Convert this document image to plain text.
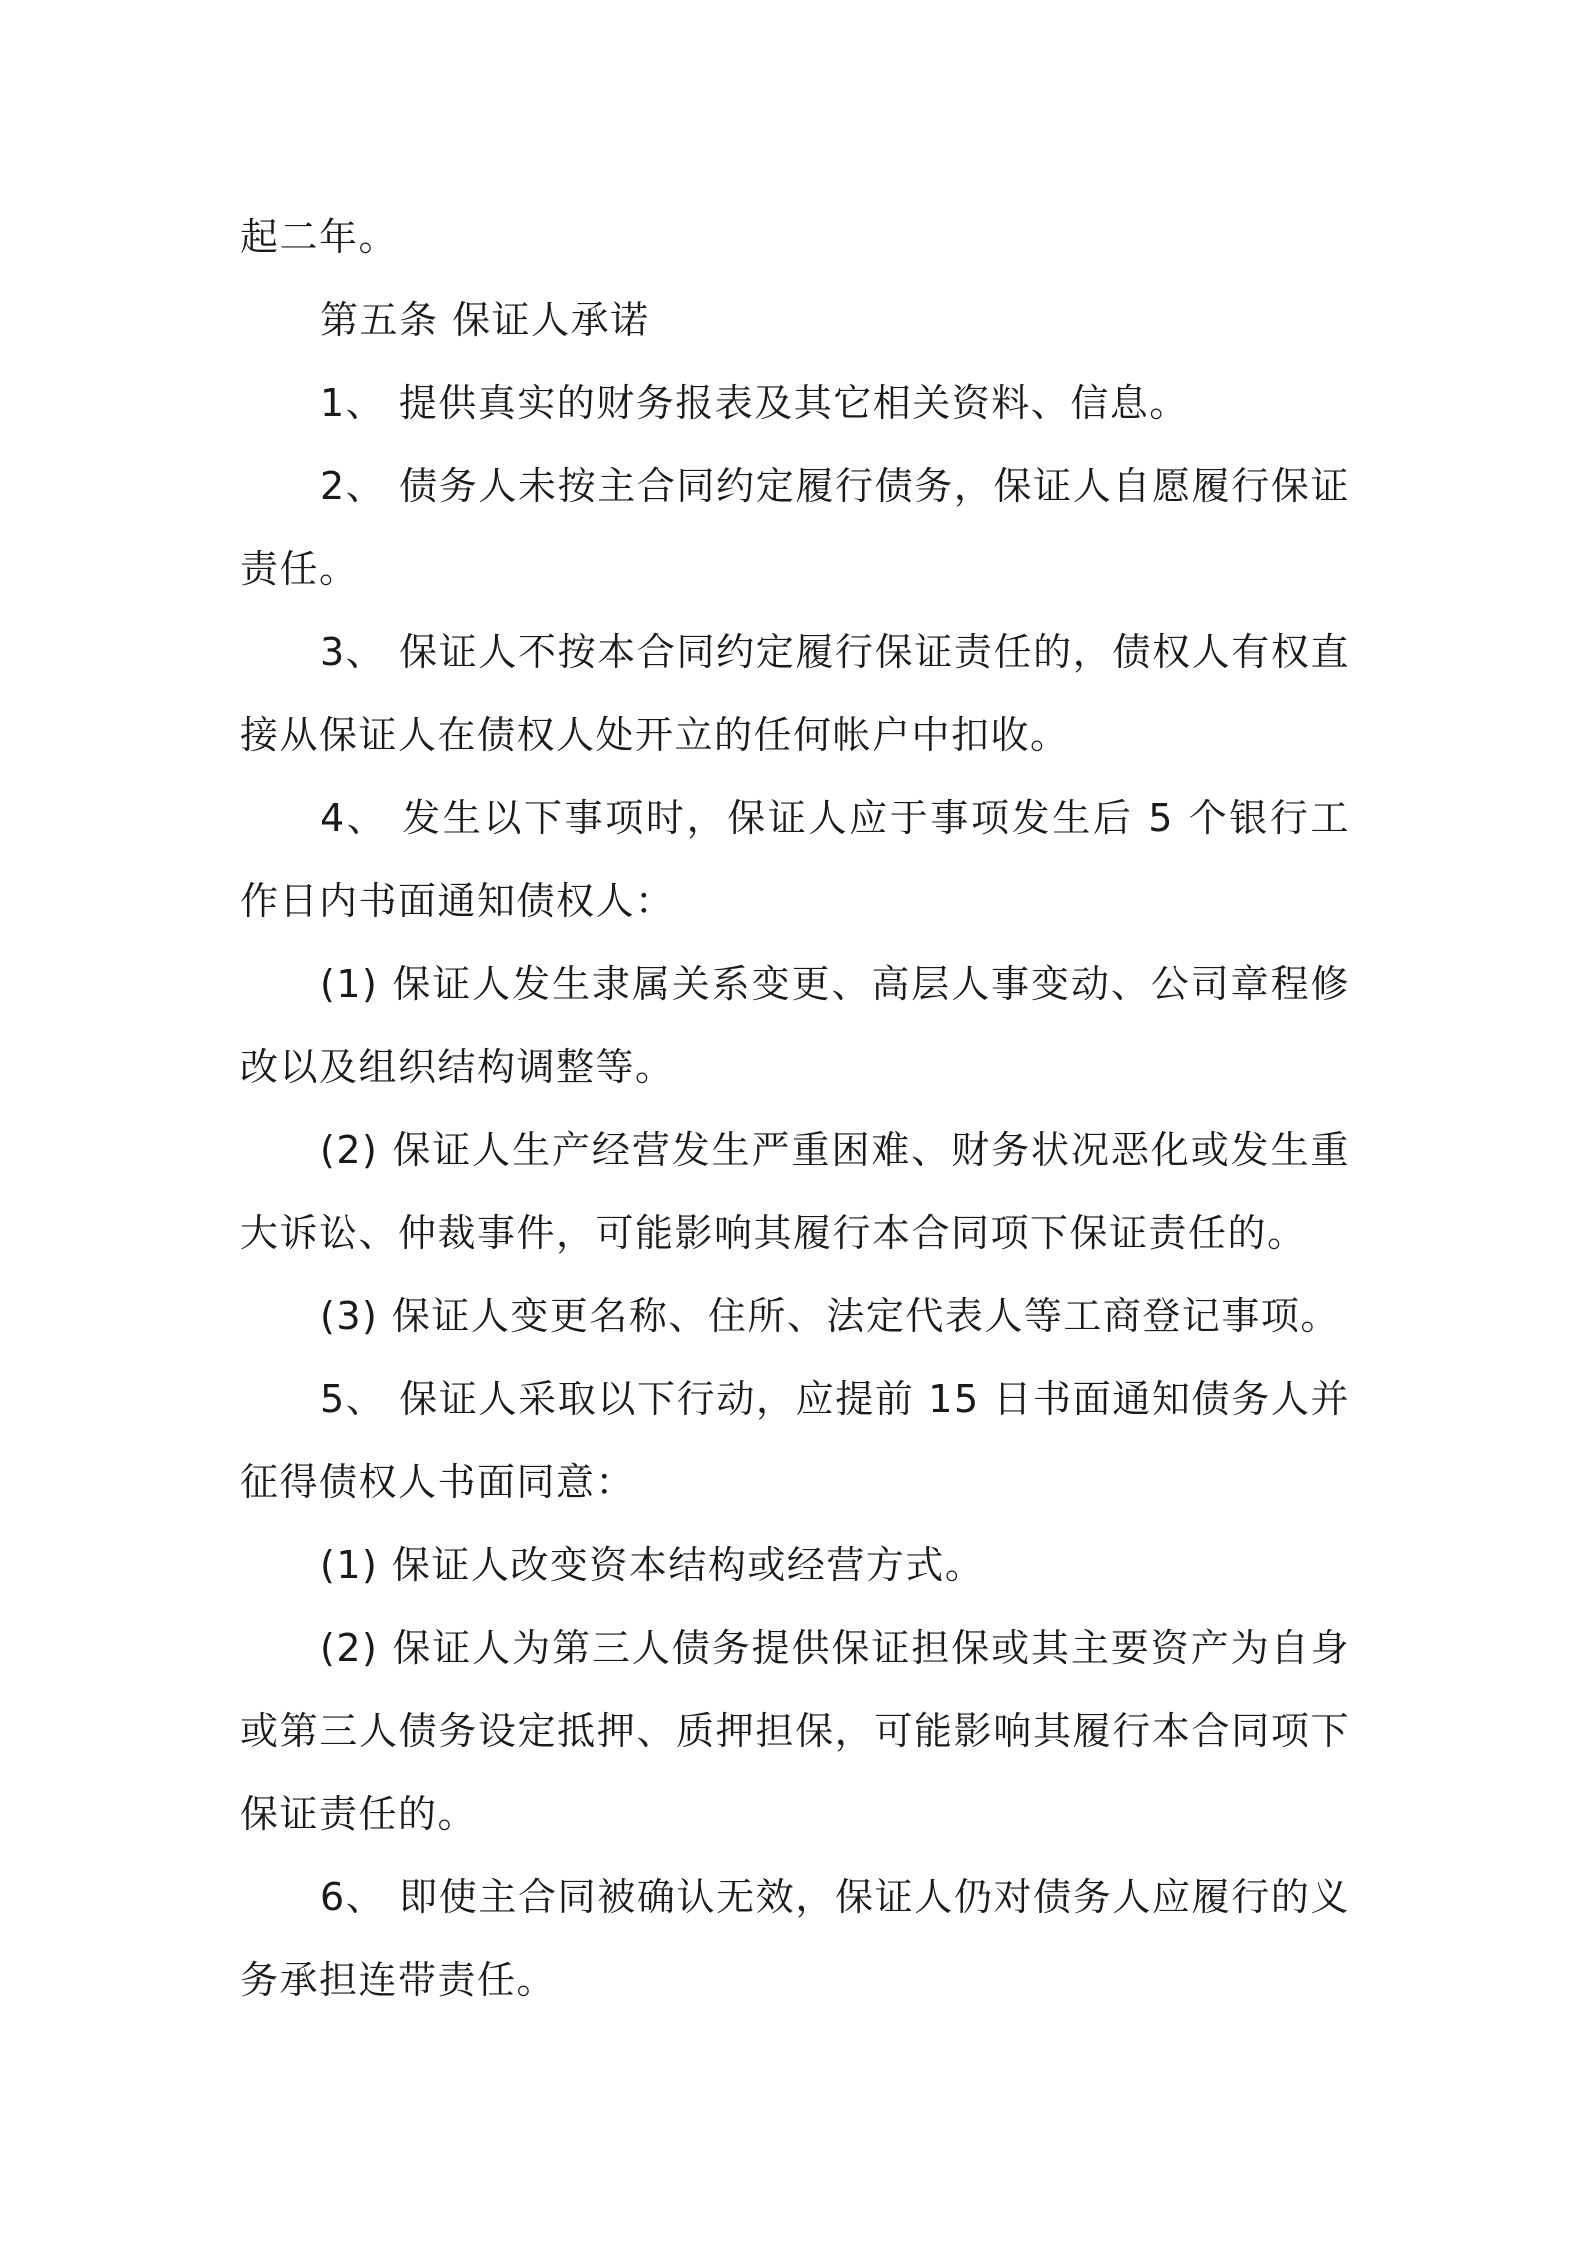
起二年。

第五条 保证人承诺

1、 提供真实的财务报表及其它相关资料、信息。

2、 债务人未按主合同约定履行债务，保证人自愿履行保证责任。

3、 保证人不按本合同约定履行保证责任的，债权人有权直接从保证人在债权人处开立的任何帐户中扣收。

4、 发生以下事项时，保证人应于事项发生后 5 个银行工作日内书面通知债权人：

(1) 保证人发生隶属关系变更、高层人事变动、公司章程修改以及组织结构调整等。

(2) 保证人生产经营发生严重困难、财务状况恶化或发生重大诉讼、仲裁事件，可能影响其履行本合同项下保证责任的。

(3) 保证人变更名称、住所、法定代表人等工商登记事项。

5、 保证人采取以下行动，应提前 15 日书面通知债务人并征得债权人书面同意：

(1) 保证人改变资本结构或经营方式。

(2) 保证人为第三人债务提供保证担保或其主要资产为自身或第三人债务设定抵押、质押担保，可能影响其履行本合同项下保证责任的。

6、 即使主合同被确认无效，保证人仍对债务人应履行的义务承担连带责任。
